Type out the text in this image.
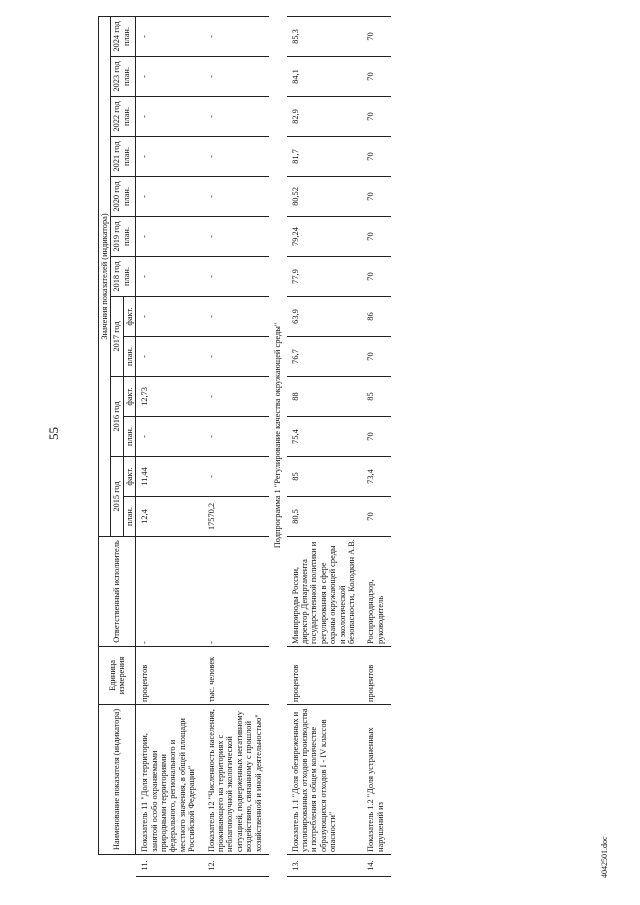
55
4042501.doc
	Наименование показателя (индикатора)	Единица измерения	Ответственный исполнитель	Значения показателей (индикатора)												
				2015 год		2016 год		2017 год		2018 год план.	2019 год план.	2020 год план.	2021 год план.	2022 год план.	2023 год план.	2024 год план.
				план.	факт.	план.	факт.	план.	факт.							
11.	Показатель 11 "Доля территории, занятой особо охраняемыми природными территориями федерального, регионального и местного значения, в общей площади Российской Федерации"	процентов	-	12,4	11,44	-	12,73	-	-	-	-	-	-	-	-	-
12.	Показатель 12 "Численность населения, проживающего на территориях с неблагополучной экологической ситуацией, подверженных негативному воздействию, связанному с прошлой хозяйственной и иной деятельностью"	тыс. человек	-	17570,2	-	-	-	-	-	-	-	-	-	-	-	-
	Подпрограмма 1 "Регулирование качества окружающей среды"															
13.	Показатель 1.1 "Доля обезвреженных и утилизированных отходов производства и потребления в общем количестве образующихся отходов I - IV классов опасности"	процентов	Минприроды России, директор Департамента государственной политики и регулирования в сфере охраны окружающей среды и экологической безопасности, Колодкин А.В.	80,5	85	75,4	88	76,7	63,9	77,9	79,24	80,52	81,7	82,9	84,1	85,3
14.	Показатель 1.2 "Доля устраненных нарушений из	процентов	Росприроднадзор, руководитель	70	73,4	70	85	70	86	70	70	70	70	70	70	70
